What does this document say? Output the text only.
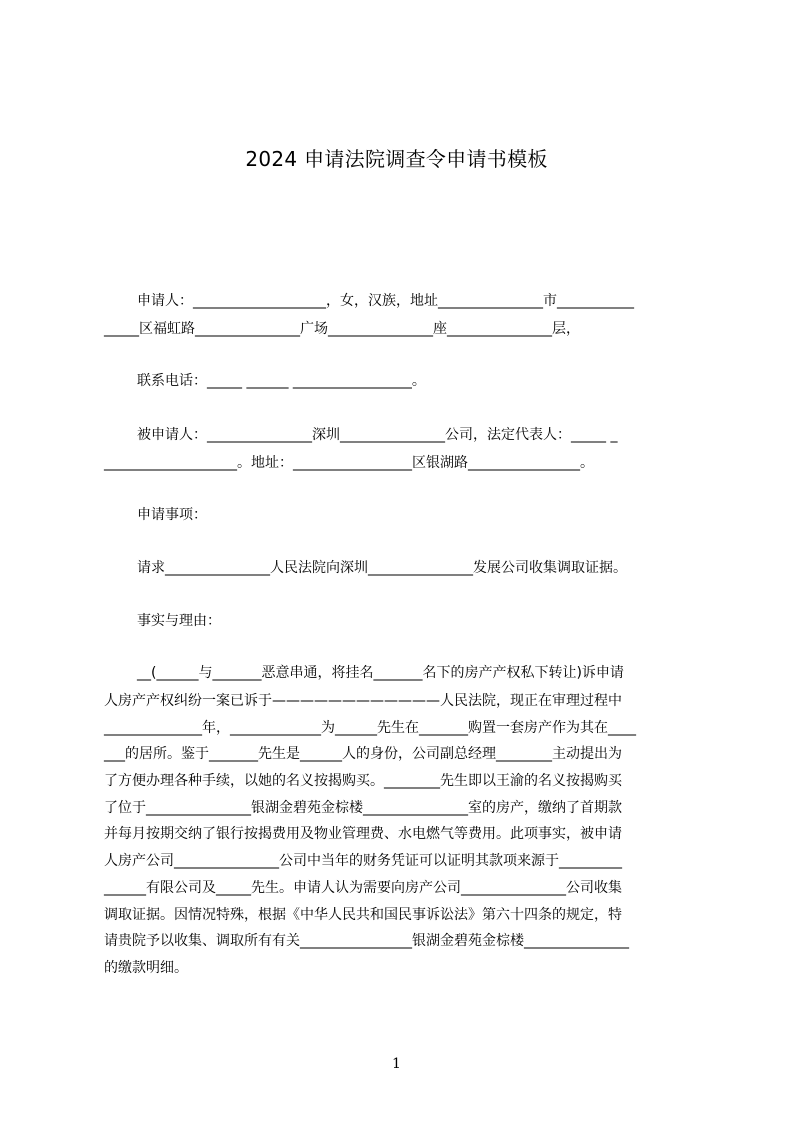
2024 申请法院调查令申请书模板
申请人：___________________，女，汉族，地址_______________市___________
_____区福虹路_______________广场_______________座_______________层，
联系电话：_____ ______ _________________。
被申请人：_______________深圳_______________公司，法定代表人：_____ _
___________________。地址：_________________区银湖路________________。
申请事项：
请求_______________人民法院向深圳_______________发展公司收集调取证据。
事实与理由：
__(______与_______恶意串通，将挂名_______名下的房产产权私下转让)诉申请
人房产产权纠纷一案已诉于————————————人民法院，现正在审理过程中
______________年，_____________为______先生在_______购置一套房产作为其在____
___的居所。鉴于_______先生是______人的身份，公司副总经理________主动提出为
了方便办理各种手续，以她的名义按揭购买。________先生即以王渝的名义按揭购买
了位于_______________银湖金碧苑金棕楼_______________室的房产，缴纳了首期款
并每月按期交纳了银行按揭费用及物业管理费、水电燃气等费用。此项事实，被申请
人房产公司_______________公司中当年的财务凭证可以证明其款项来源于_________
______有限公司及_____先生。申请人认为需要向房产公司_______________公司收集
调取证据。因情况特殊，根据《中华人民共和国民事诉讼法》第六十四条的规定，特
请贵院予以收集、调取所有有关________________银湖金碧苑金棕楼_______________
的缴款明细。
1
